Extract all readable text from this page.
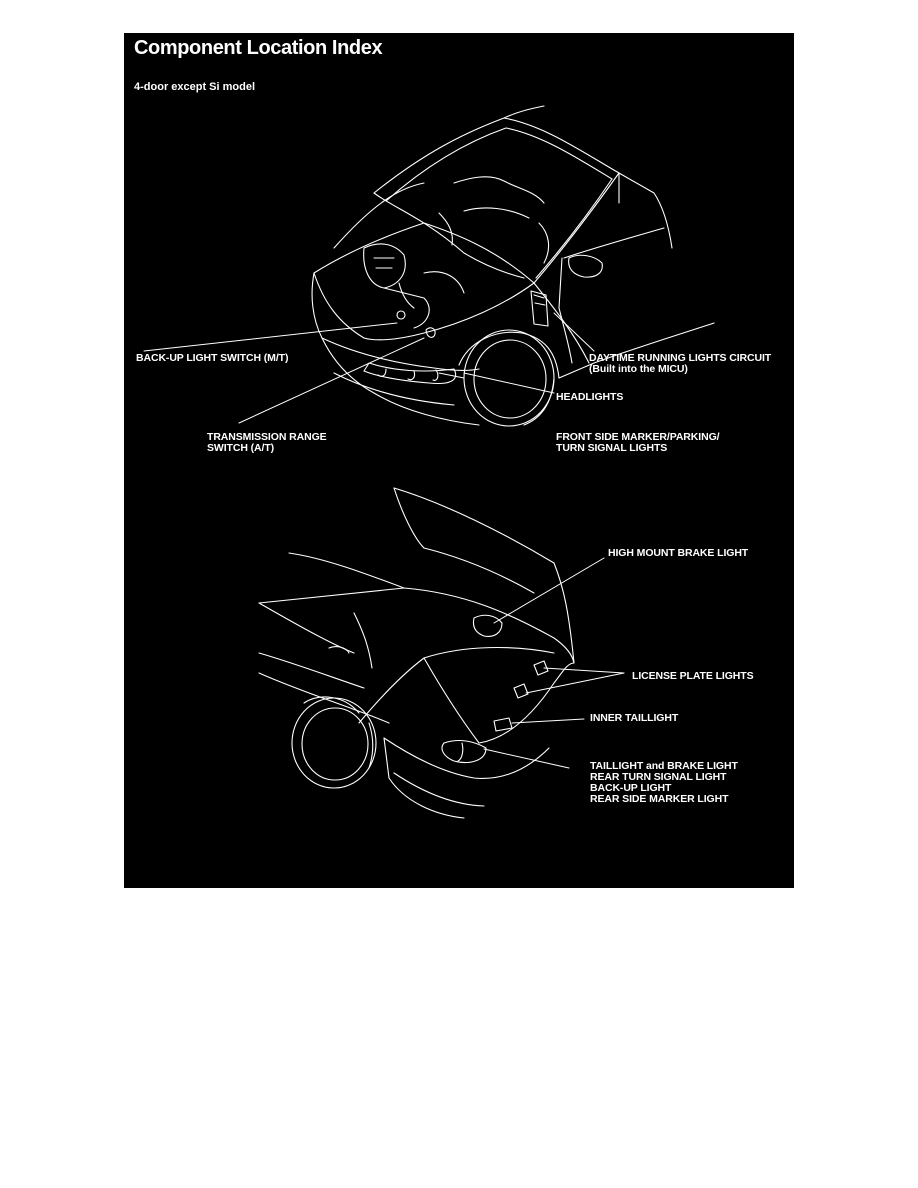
Component Location Index
4-door except Si model
BACK-UP LIGHT SWITCH (M/T)	DAYTIME RUNNING LIGHTS CIRCUIT
(Built into the MICU)
HEADLIGHTS
TRANSMISSION RANGE
SWITCH (A/T)
FRONT SIDE MARKER/PARKING/
TURN SIGNAL LIGHTS
HIGH MOUNT BRAKE LIGHT
LICENSE PLATE LIGHTS
INNER TAILLIGHT
TAILLIGHT and BRAKE LIGHT
REAR TURN SIGNAL LIGHT
BACK-UP LIGHT
REAR SIDE MARKER LIGHT
